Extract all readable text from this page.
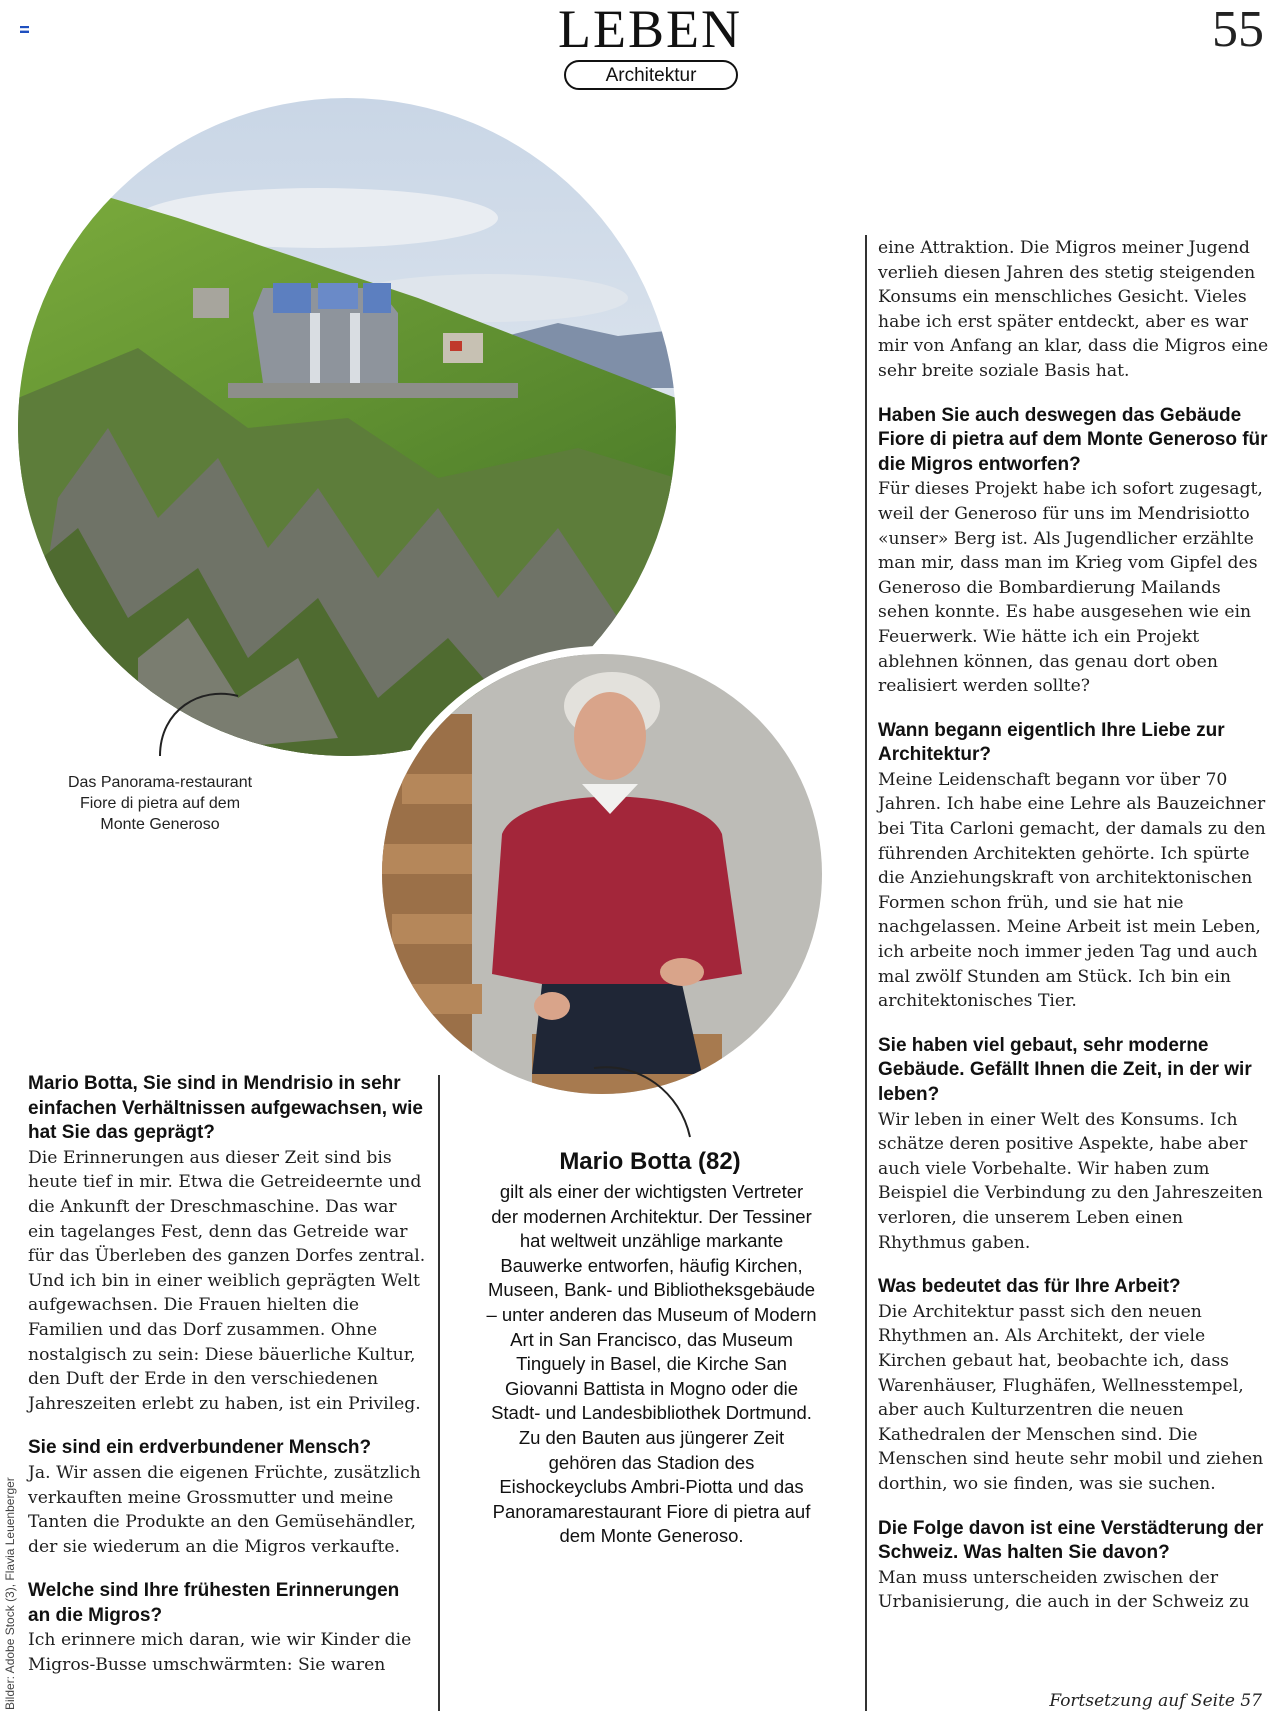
LEBEN
Architektur
55
Das Panorama-restaurant Fiore di pietra auf dem Monte Generoso
Mario Botta (82)
gilt als einer der wichtigsten Vertreter der modernen Architektur. Der Tessiner hat weltweit unzählige markante Bauwerke entworfen, häufig Kirchen, Museen, Bank- und Bibliotheksgebäude – unter anderen das Museum of Modern Art in San Francisco, das Museum Tinguely in Basel, die Kirche San Giovanni Battista in Mogno oder die Stadt- und Landesbibliothek Dortmund. Zu den Bauten aus jüngerer Zeit gehören das Stadion des Eishockeyclubs Ambri-Piotta und das Panoramarestaurant Fiore di pietra auf dem Monte Generoso.

Mario Botta, Sie sind in Mendrisio in sehr einfachen Verhältnissen aufgewachsen, wie hat Sie das geprägt?

Die Erinnerungen aus dieser Zeit sind bis heute tief in mir. Etwa die Getreideernte und die Ankunft der Dreschmaschine. Das war ein tagelanges Fest, denn das Getreide war für das Überleben des ganzen Dorfes zentral. Und ich bin in einer weiblich geprägten Welt aufgewachsen. Die Frauen hielten die Familien und das Dorf zusammen. Ohne nostalgisch zu sein: Diese bäuerliche Kultur, den Duft der Erde in den verschiedenen Jahreszeiten erlebt zu haben, ist ein Privileg.

Sie sind ein erdverbundener Mensch?

Ja. Wir assen die eigenen Früchte, zusätzlich verkauften meine Grossmutter und meine Tanten die Produkte an den Gemüsehändler, der sie wiederum an die Migros verkaufte.

Welche sind Ihre frühesten Erinnerungen an die Migros?

Ich erinnere mich daran, wie wir Kinder die Migros-Busse umschwärmten: Sie waren

eine Attraktion. Die Migros meiner Jugend verlieh diesen Jahren des stetig steigenden Konsums ein menschliches Gesicht. Vieles habe ich erst später entdeckt, aber es war mir von Anfang an klar, dass die Migros eine sehr breite soziale Basis hat.

Haben Sie auch deswegen das Gebäude Fiore di pietra auf dem Monte Generoso für die Migros entworfen?

Für dieses Projekt habe ich sofort zugesagt, weil der Generoso für uns im Mendrisiotto «unser» Berg ist. Als Jugendlicher erzählte man mir, dass man im Krieg vom Gipfel des Generoso die Bombardierung Mailands sehen konnte. Es habe ausgesehen wie ein Feuerwerk. Wie hätte ich ein Projekt ablehnen können, das genau dort oben realisiert werden sollte?

Wann begann eigentlich Ihre Liebe zur Architektur?

Meine Leidenschaft begann vor über 70 Jahren. Ich habe eine Lehre als Bauzeichner bei Tita Carloni gemacht, der damals zu den führenden Architekten gehörte. Ich spürte die Anziehungskraft von architektonischen Formen schon früh, und sie hat nie nachgelassen. Meine Arbeit ist mein Leben, ich arbeite noch immer jeden Tag und auch mal zwölf Stunden am Stück. Ich bin ein architektonisches Tier.

Sie haben viel gebaut, sehr moderne Gebäude. Gefällt Ihnen die Zeit, in der wir leben?

Wir leben in einer Welt des Konsums. Ich schätze deren positive Aspekte, habe aber auch viele Vorbehalte. Wir haben zum Beispiel die Verbindung zu den Jahreszeiten verloren, die unserem Leben einen Rhythmus gaben.

Was bedeutet das für Ihre Arbeit?

Die Architektur passt sich den neuen Rhythmen an. Als Architekt, der viele Kirchen gebaut hat, beobachte ich, dass Warenhäuser, Flughäfen, Wellnesstempel, aber auch Kulturzentren die neuen Kathedralen der Menschen sind. Die Menschen sind heute sehr mobil und ziehen dorthin, wo sie finden, was sie suchen.

Die Folge davon ist eine Verstädterung der Schweiz. Was halten Sie davon?

Man muss unterscheiden zwischen der Urbanisierung, die auch in der Schweiz zu

Fortsetzung auf Seite 57
Bilder: Adobe Stock (3), Flavia Leuenberger
